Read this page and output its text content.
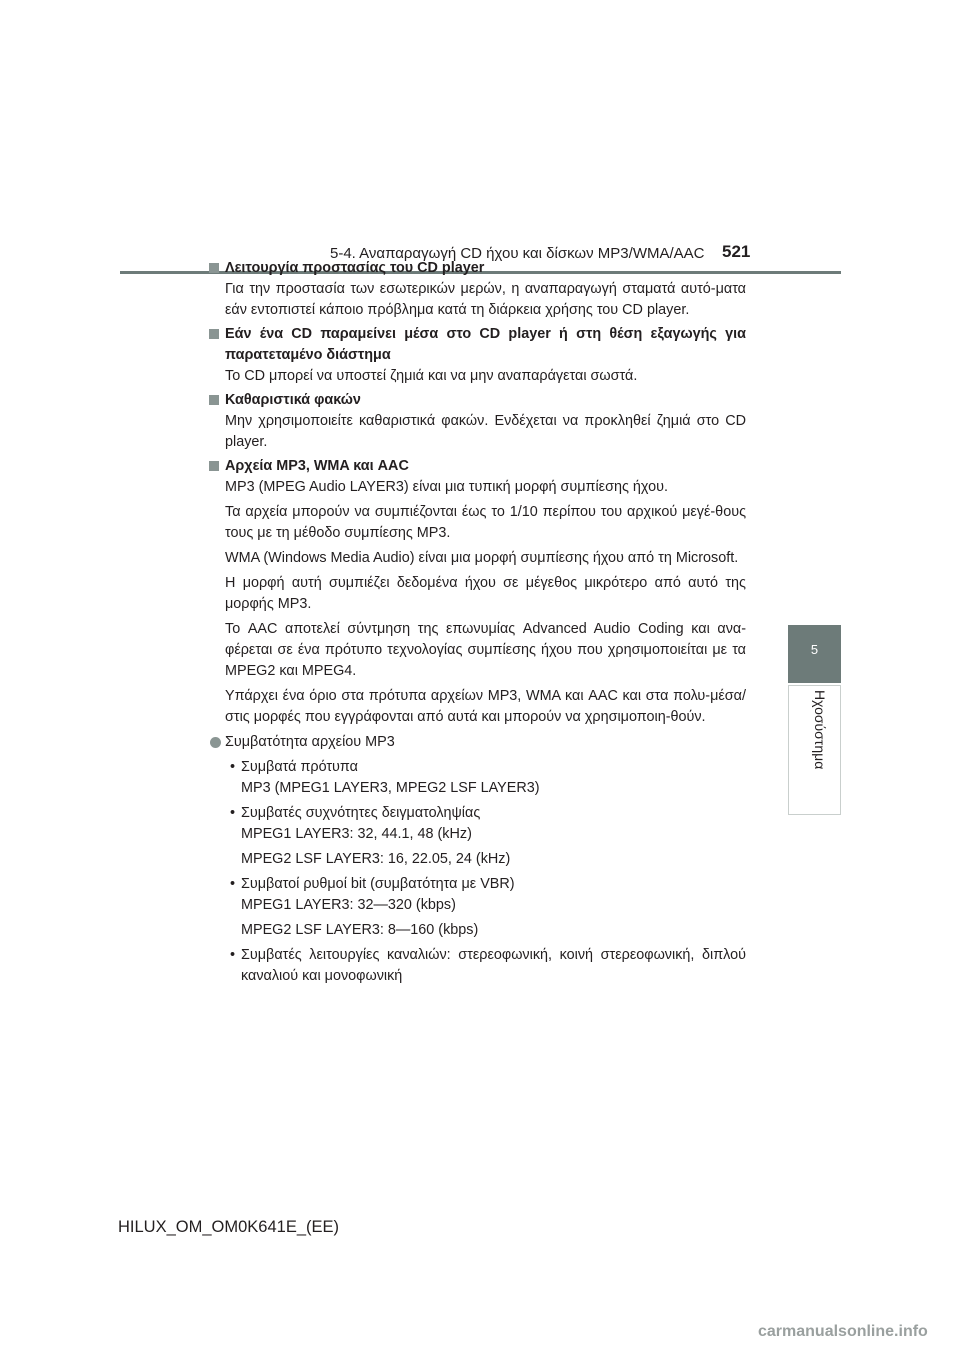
5-4. Αναπαραγωγή CD ήχου και δίσκων MP3/WMA/AAC 521
5
Ηχοσύστημα
Λειτουργία προστασίας του CD player
Για την προστασία των εσωτερικών μερών, η αναπαραγωγή σταματά αυτό-ματα εάν εντοπιστεί κάποιο πρόβλημα κατά τη διάρκεια χρήσης του CD player.
Εάν ένα CD παραμείνει μέσα στο CD player ή στη θέση εξαγωγής για παρατεταμένο διάστημα
Το CD μπορεί να υποστεί ζημιά και να μην αναπαράγεται σωστά.
Καθαριστικά φακών
Μην χρησιμοποιείτε καθαριστικά φακών. Ενδέχεται να προκληθεί ζημιά στο CD player.
Αρχεία MP3, WMA και AAC
MP3 (MPEG Audio LAYER3) είναι μια τυπική μορφή συμπίεσης ήχου.
Τα αρχεία μπορούν να συμπιέζονται έως το 1/10 περίπου του αρχικού μεγέ-θους τους με τη μέθοδο συμπίεσης MP3.
WMA (Windows Media Audio) είναι μια μορφή συμπίεσης ήχου από τη Microsoft.
Η μορφή αυτή συμπιέζει δεδομένα ήχου σε μέγεθος μικρότερο από αυτό της μορφής MP3.
Το AAC αποτελεί σύντμηση της επωνυμίας Advanced Audio Coding και ανα-φέρεται σε ένα πρότυπο τεχνολογίας συμπίεσης ήχου που χρησιμοποιείται με τα MPEG2 και MPEG4.
Υπάρχει ένα όριο στα πρότυπα αρχείων MP3, WMA και AAC και στα πολυ-μέσα/στις μορφές που εγγράφονται από αυτά και μπορούν να χρησιμοποιη-θούν.
Συμβατότητα αρχείου MP3
• Συμβατά πρότυπα
MP3 (MPEG1 LAYER3, MPEG2 LSF LAYER3)
• Συμβατές συχνότητες δειγματοληψίας
MPEG1 LAYER3: 32, 44.1, 48 (kHz)
MPEG2 LSF LAYER3: 16, 22.05, 24 (kHz)
• Συμβατοί ρυθμοί bit (συμβατότητα με VBR)
MPEG1 LAYER3: 32—320 (kbps)
MPEG2 LSF LAYER3: 8—160 (kbps)
• Συμβατές λειτουργίες καναλιών: στερεοφωνική, κοινή στερεοφωνική, διπλού καναλιού και μονοφωνική
HILUX_OM_OM0K641E_(EE)
carmanualsonline.info
